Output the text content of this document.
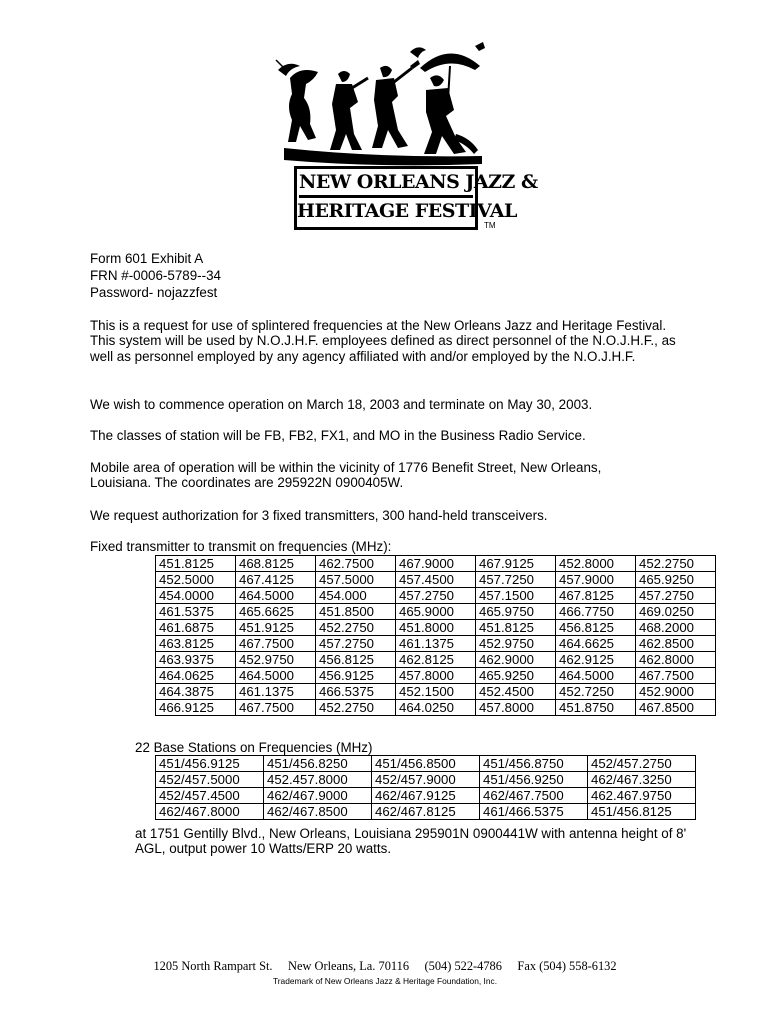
NEW ORLEANS JAZZ &
HERITAGE FESTIVAL
TM
Form 601 Exhibit A
FRN #-0006-5789--34
Password- nojazzfest
This is a request for use of splintered frequencies at the New Orleans Jazz and Heritage Festival. This system will be used by N.O.J.H.F. employees defined as direct personnel of the N.O.J.H.F., as well as personnel employed by any agency affiliated with and/or employed by the N.O.J.H.F.
We wish to commence operation on March 18, 2003 and terminate on May 30, 2003.
The classes of station will be FB, FB2, FX1, and MO in the Business Radio Service.
Mobile area of operation will be within the vicinity of 1776 Benefit Street, New Orleans, Louisiana. The coordinates are 295922N 0900405W.
We request authorization for 3 fixed transmitters, 300 hand-held transceivers.
Fixed transmitter to transmit on frequencies (MHz):
451.8125	468.8125	462.7500	467.9000	467.9125	452.8000	452.2750
452.5000	467.4125	457.5000	457.4500	457.7250	457.9000	465.9250
454.0000	464.5000	454.000	457.2750	457.1500	467.8125	457.2750
461.5375	465.6625	451.8500	465.9000	465.9750	466.7750	469.0250
461.6875	451.9125	452.2750	451.8000	451.8125	456.8125	468.2000
463.8125	467.7500	457.2750	461.1375	452.9750	464.6625	462.8500
463.9375	452.9750	456.8125	462.8125	462.9000	462.9125	462.8000
464.0625	464.5000	456.9125	457.8000	465.9250	464.5000	467.7500
464.3875	461.1375	466.5375	452.1500	452.4500	452.7250	452.9000
466.9125	467.7500	452.2750	464.0250	457.8000	451.8750	467.8500
22 Base Stations on Frequencies (MHz)
451/456.9125	451/456.8250	451/456.8500	451/456.8750	452/457.2750
452/457.5000	452.457.8000	452/457.9000	451/456.9250	462/467.3250
452/457.4500	462/467.9000	462/467.9125	462/467.7500	462.467.9750
462/467.8000	462/467.8500	462/467.8125	461/466.5375	451/456.8125
at 1751 Gentilly Blvd., New Orleans, Louisiana 295901N 0900441W with antenna height of 8' AGL, output power 10 Watts/ERP 20 watts.
1205 North Rampart St.     New Orleans, La. 70116     (504) 522-4786     Fax (504) 558-6132
Trademark of New Orleans Jazz & Heritage Foundation, Inc.
